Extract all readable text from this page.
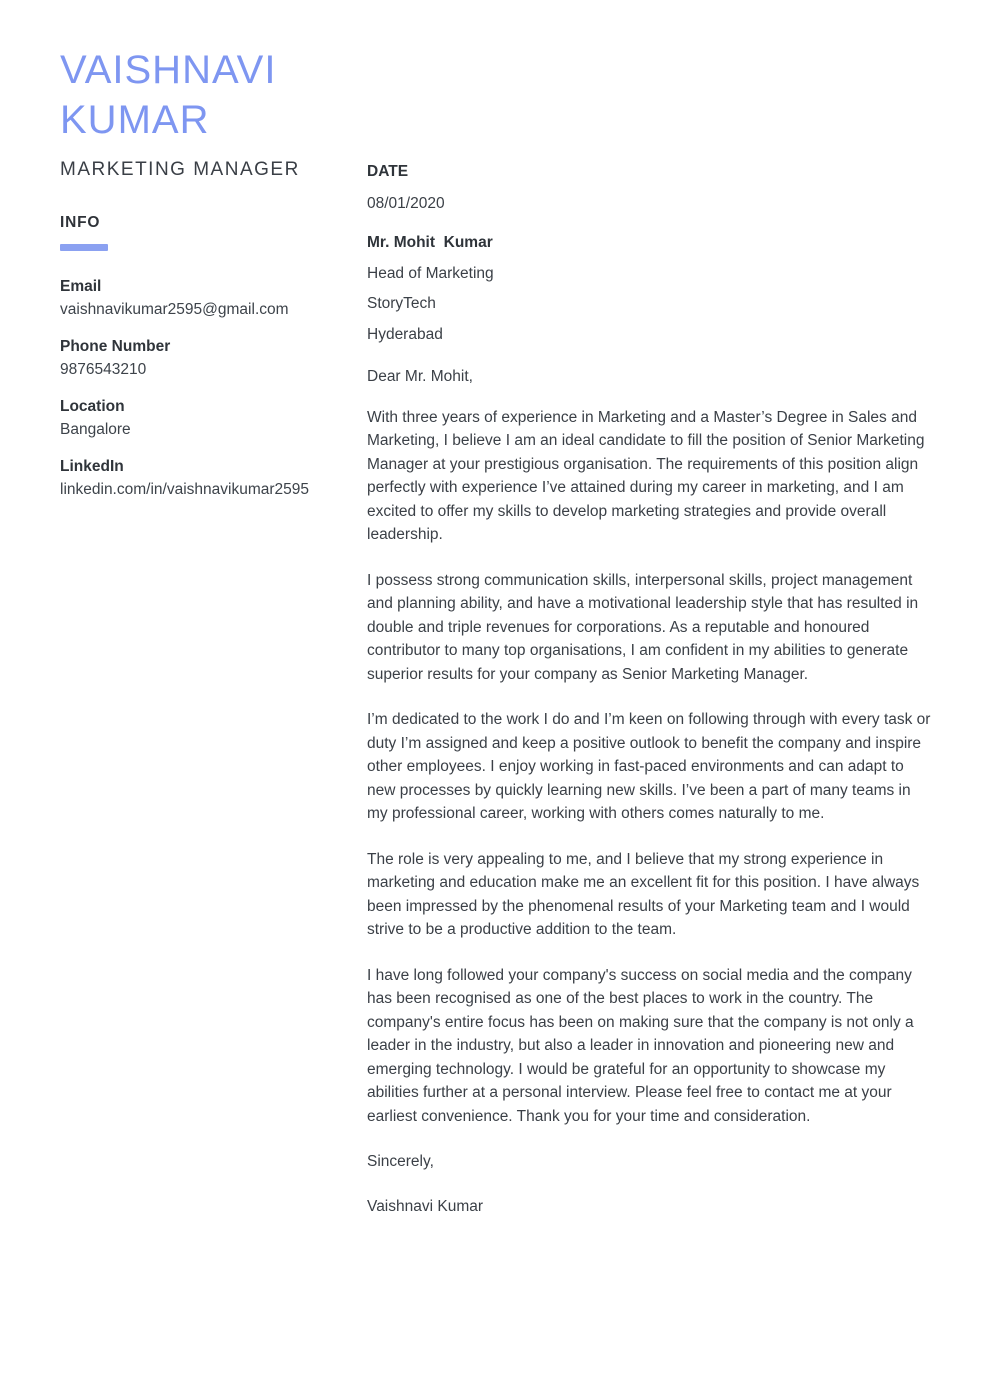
VAISHNAVI KUMAR
MARKETING MANAGER
INFO
Email
vaishnavikumar2595@gmail.com
Phone Number
9876543210
Location
Bangalore
LinkedIn
linkedin.com/in/vaishnavikumar2595
DATE
08/01/2020
Mr. Mohit  Kumar
Head of Marketing
StoryTech
Hyderabad
Dear Mr. Mohit,

With three years of experience in Marketing and a Master’s Degree in Sales and Marketing, I believe I am an ideal candidate to fill the position of Senior Marketing Manager at your prestigious organisation. The requirements of this position align perfectly with experience I’ve attained during my career in marketing, and I am excited to offer my skills to develop marketing strategies and provide overall leadership.

I possess strong communication skills, interpersonal skills, project management and planning ability, and have a motivational leadership style that has resulted in double and triple revenues for corporations. As a reputable and honoured contributor to many top organisations, I am confident in my abilities to generate superior results for your company as Senior Marketing Manager.

I’m dedicated to the work I do and I’m keen on following through with every task or duty I’m assigned and keep a positive outlook to benefit the company and inspire other employees. I enjoy working in fast-paced environments and can adapt to new processes by quickly learning new skills. I’ve been a part of many teams in my professional career, working with others comes naturally to me.

The role is very appealing to me, and I believe that my strong experience in marketing and education make me an excellent fit for this position. I have always been impressed by the phenomenal results of your Marketing team and I would strive to be a productive addition to the team.

I have long followed your company's success on social media and the company has been recognised as one of the best places to work in the country. The company's entire focus has been on making sure that the company is not only a leader in the industry, but also a leader in innovation and pioneering new and emerging technology. I would be grateful for an opportunity to showcase my abilities further at a personal interview. Please feel free to contact me at your earliest convenience. Thank you for your time and consideration.

Sincerely,

Vaishnavi Kumar
